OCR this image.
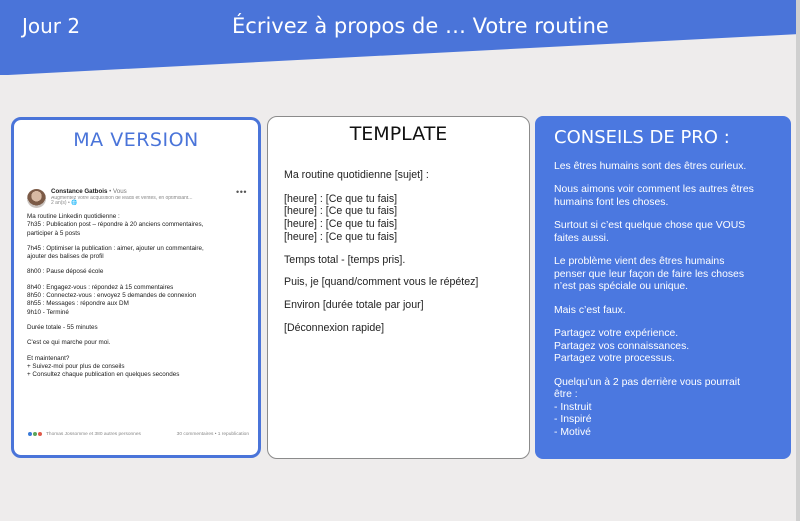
Jour 2	Écrivez à propos de … Votre routine
MA VERSION
Constance Gatbois • Vous
Augmentez votre acquisition de leads et ventes, en optimisant...
2 an(s) • 🌐
•••
Ma routine Linkedin quotidienne :
7h35 : Publication post – répondre à 20 anciens commentaires,
participer à 5 posts
7h45 : Optimiser la publication : aimer, ajouter un commentaire,
ajouter des balises de profil
8h00 : Pause déposé école
8h40 : Engagez-vous : répondez à 15 commentaires
8h50 : Connectez-vous : envoyez 5 demandes de connexion
8h55 : Messages : répondre aux DM
9h10 - Terminé
Durée totale - 55 minutes
C'est ce qui marche pour moi.
Et maintenant?
+ Suivez-moi pour plus de conseils
+ Consultez chaque publication en quelques secondes
Thomas Jossomme et 380 autres personnes	30 commentaires • 1 republication
TEMPLATE
Ma routine quotidienne [sujet] :
[heure] : [Ce que tu fais]
[heure] : [Ce que tu fais]
[heure] : [Ce que tu fais]
[heure] : [Ce que tu fais]
Temps total - [temps pris].
Puis, je [quand/comment vous le répétez]
Environ [durée totale par jour]
[Déconnexion rapide]
CONSEILS DE PRO :
Les êtres humains sont des êtres curieux.
Nous aimons voir comment les autres êtres
humains font les choses.
Surtout si c’est quelque chose que VOUS
faites aussi.
Le problème vient des êtres humains
penser que leur façon de faire les choses
n’est pas spéciale ou unique.
Mais c’est faux.
Partagez votre expérience.
Partagez vos connaissances.
Partagez votre processus.
Quelqu’un à 2 pas derrière vous pourrait
être :
- Instruit
- Inspiré
- Motivé
